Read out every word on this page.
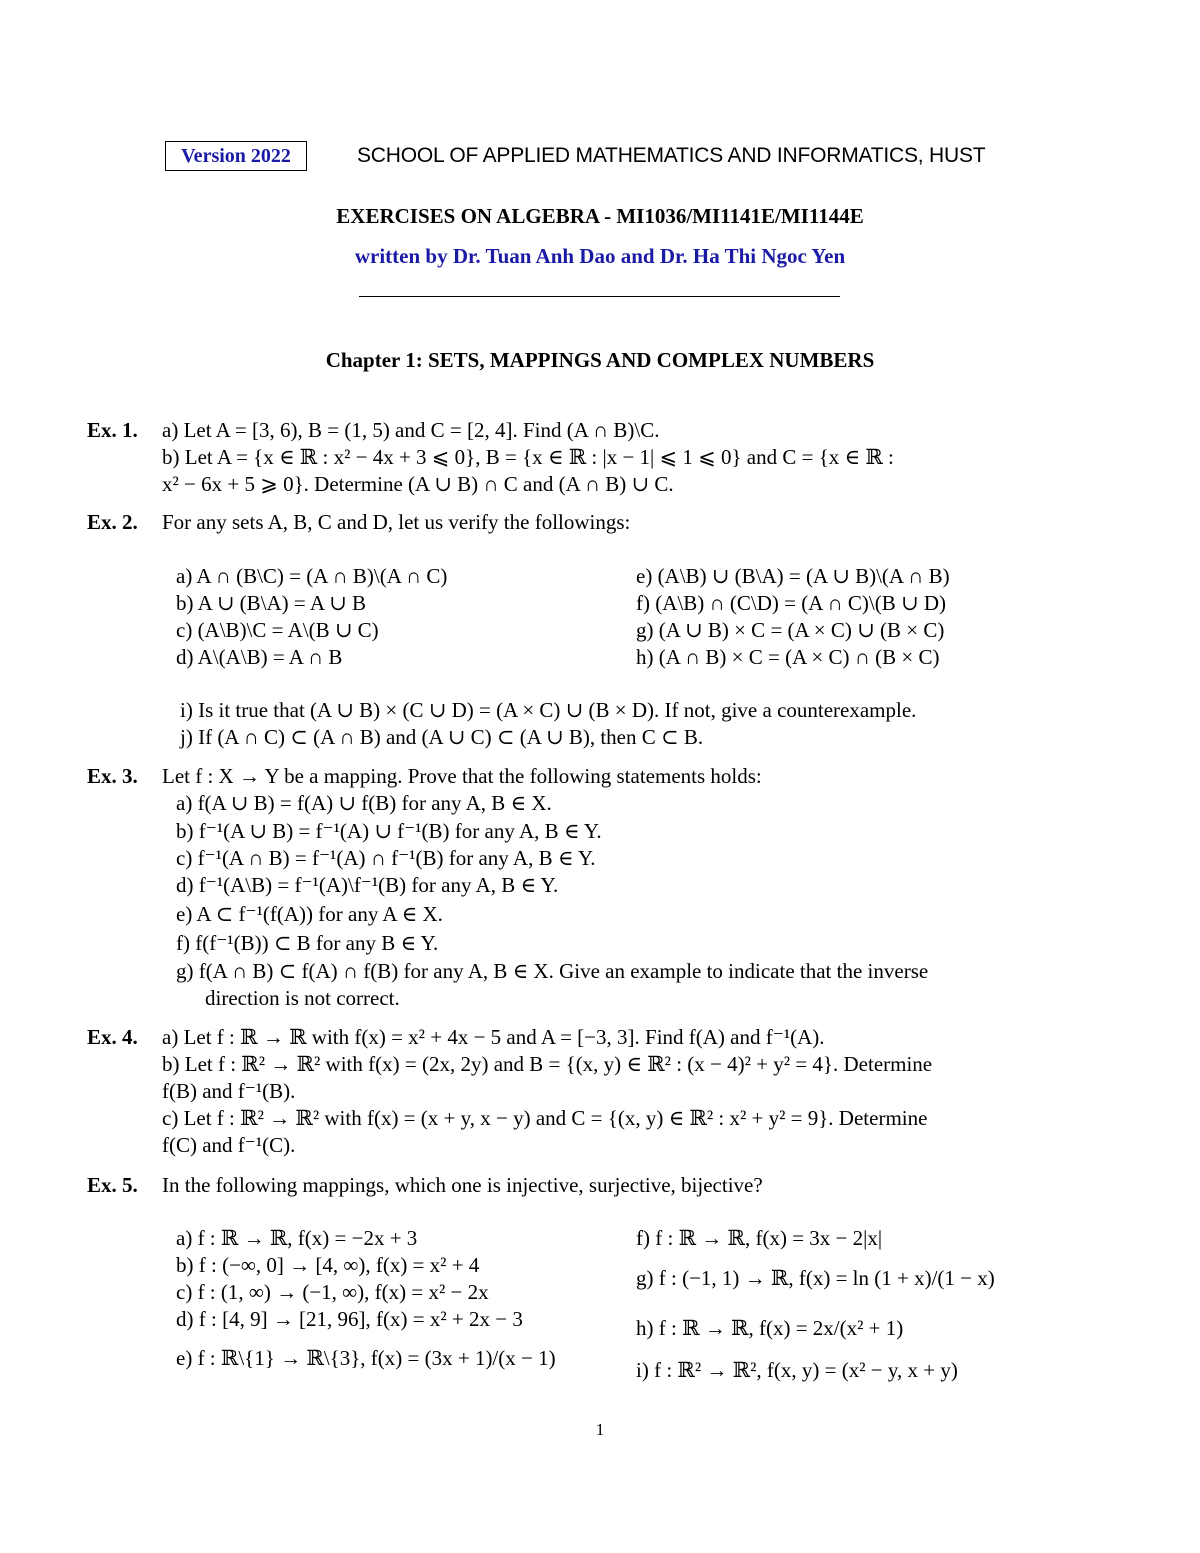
Version 2022	SCHOOL OF APPLIED MATHEMATICS AND INFORMATICS, HUST
EXERCISES ON ALGEBRA - MI1036/MI1141E/MI1144E
written by Dr. Tuan Anh Dao and Dr. Ha Thi Ngoc Yen
Chapter 1: SETS, MAPPINGS AND COMPLEX NUMBERS
Ex. 1. a) Let A = [3, 6), B = (1, 5) and C = [2, 4]. Find (A ∩ B)\C.
b) Let A = {x ∈ ℝ : x² − 4x + 3 ⩽ 0}, B = {x ∈ ℝ : |x − 1| ⩽ 1 ⩽ 0} and C = {x ∈ ℝ :
x² − 6x + 5 ⩾ 0}. Determine (A ∪ B) ∩ C and (A ∩ B) ∪ C.
Ex. 2. For any sets A, B, C and D, let us verify the followings:
a) A ∩ (B\C) = (A ∩ B)\(A ∩ C)
b) A ∪ (B\A) = A ∪ B
c) (A\B)\C = A\(B ∪ C)
d) A\(A\B) = A ∩ B
e) (A\B) ∪ (B\A) = (A ∪ B)\(A ∩ B)
f) (A\B) ∩ (C\D) = (A ∩ C)\(B ∪ D)
g) (A ∪ B) × C = (A × C) ∪ (B × C)
h) (A ∩ B) × C = (A × C) ∩ (B × C)
i) Is it true that (A ∪ B) × (C ∪ D) = (A × C) ∪ (B × D). If not, give a counterexample.
j) If (A ∩ C) ⊂ (A ∩ B) and (A ∪ C) ⊂ (A ∪ B), then C ⊂ B.
Ex. 3. Let f : X → Y be a mapping. Prove that the following statements holds:
a) f(A ∪ B) = f(A) ∪ f(B) for any A, B ∈ X.
b) f⁻¹(A ∪ B) = f⁻¹(A) ∪ f⁻¹(B) for any A, B ∈ Y.
c) f⁻¹(A ∩ B) = f⁻¹(A) ∩ f⁻¹(B) for any A, B ∈ Y.
d) f⁻¹(A\B) = f⁻¹(A)\f⁻¹(B) for any A, B ∈ Y.
e) A ⊂ f⁻¹(f(A)) for any A ∈ X.
f) f(f⁻¹(B)) ⊂ B for any B ∈ Y.
g) f(A ∩ B) ⊂ f(A) ∩ f(B) for any A, B ∈ X. Give an example to indicate that the inverse
direction is not correct.
Ex. 4. a) Let f : ℝ → ℝ with f(x) = x² + 4x − 5 and A = [−3, 3]. Find f(A) and f⁻¹(A).
b) Let f : ℝ² → ℝ² with f(x) = (2x, 2y) and B = {(x, y) ∈ ℝ² : (x − 4)² + y² = 4}. Determine
f(B) and f⁻¹(B).
c) Let f : ℝ² → ℝ² with f(x) = (x + y, x − y) and C = {(x, y) ∈ ℝ² : x² + y² = 9}. Determine
f(C) and f⁻¹(C).
Ex. 5. In the following mappings, which one is injective, surjective, bijective?
a) f : ℝ → ℝ, f(x) = −2x + 3
b) f : (−∞, 0] → [4, ∞), f(x) = x² + 4
c) f : (1, ∞) → (−1, ∞), f(x) = x² − 2x
d) f : [4, 9] → [21, 96], f(x) = x² + 2x − 3
e) f : ℝ\{1} → ℝ\{3}, f(x) = (3x + 1)/(x − 1)
f) f : ℝ → ℝ, f(x) = 3x − 2|x|
g) f : (−1, 1) → ℝ, f(x) = ln (1 + x)/(1 − x)
h) f : ℝ → ℝ, f(x) = 2x/(x² + 1)
i) f : ℝ² → ℝ², f(x, y) = (x² − y, x + y)
1
